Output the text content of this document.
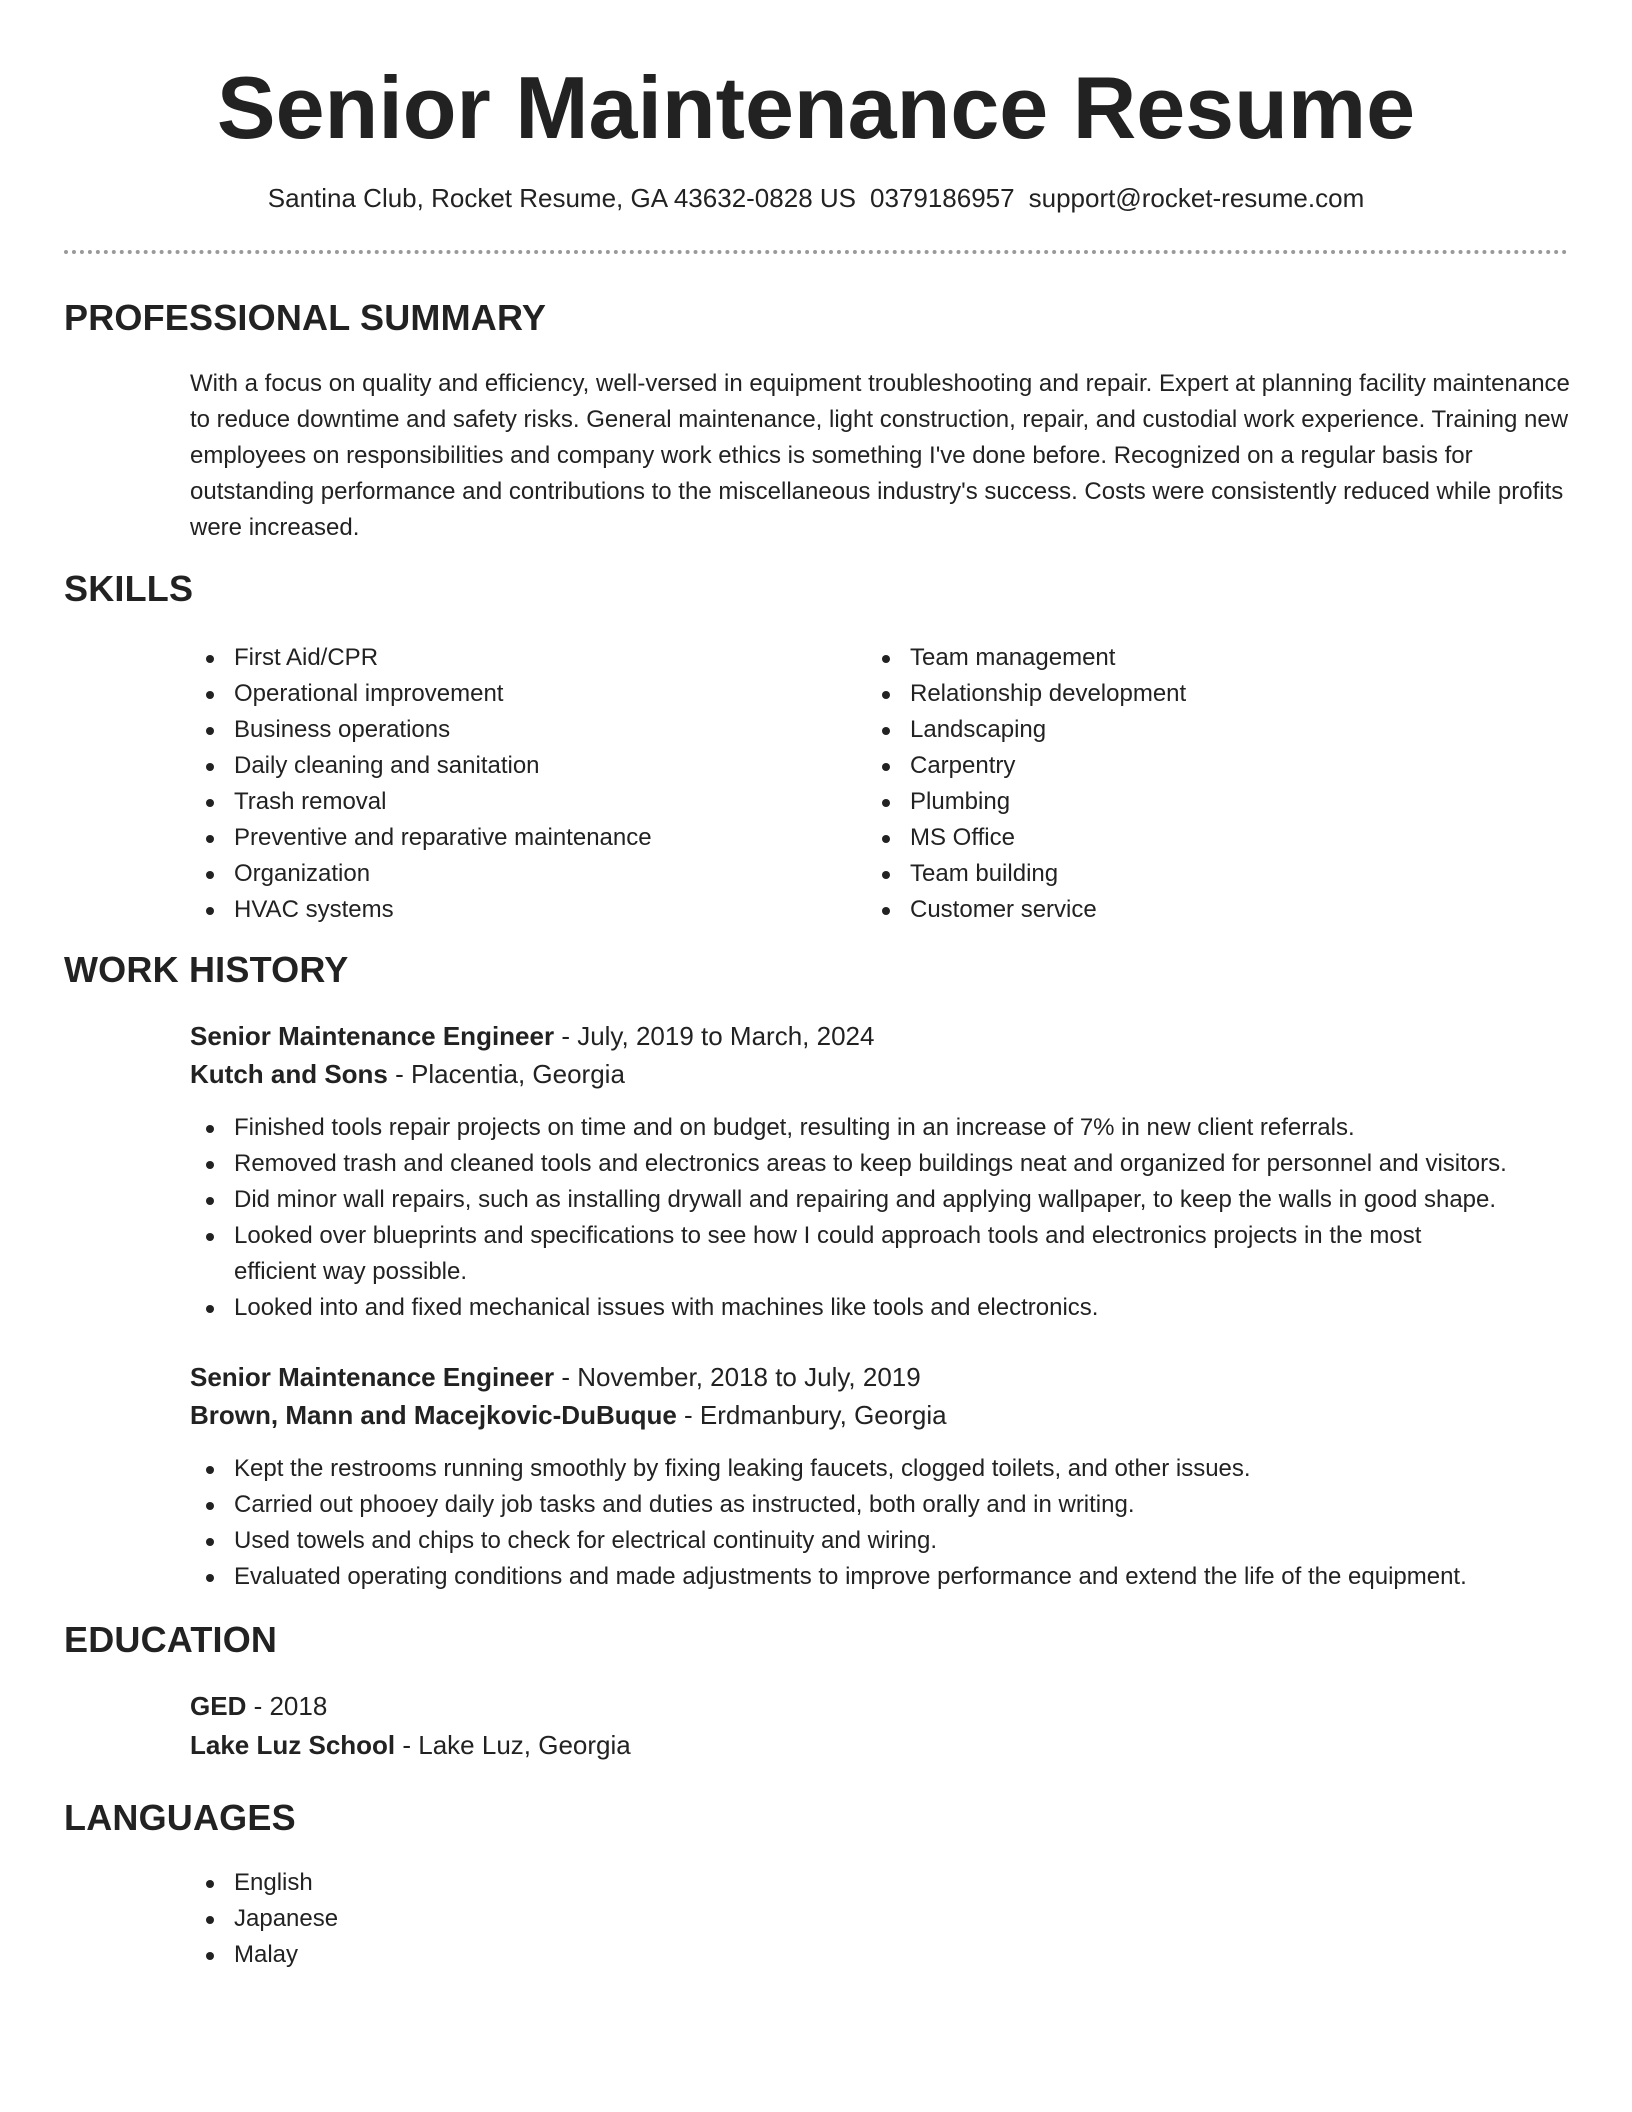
Senior Maintenance Resume
Santina Club, Rocket Resume, GA 43632-0828 US 0379186957 support@rocket-resume.com
PROFESSIONAL SUMMARY

With a focus on quality and efficiency, well-versed in equipment troubleshooting and repair. Expert at planning facility maintenance to reduce downtime and safety risks. General maintenance, light construction, repair, and custodial work experience. Training new employees on responsibilities and company work ethics is something I've done before. Recognized on a regular basis for outstanding performance and contributions to the miscellaneous industry's success. Costs were consistently reduced while profits were increased.

SKILLS
First Aid/CPR
Operational improvement
Business operations
Daily cleaning and sanitation
Trash removal
Preventive and reparative maintenance
Organization
HVAC systems
Team management
Relationship development
Landscaping
Carpentry
Plumbing
MS Office
Team building
Customer service
WORK HISTORY
Senior Maintenance Engineer - July, 2019 to March, 2024
Kutch and Sons - Placentia, Georgia
Finished tools repair projects on time and on budget, resulting in an increase of 7% in new client referrals.
Removed trash and cleaned tools and electronics areas to keep buildings neat and organized for personnel and visitors.
Did minor wall repairs, such as installing drywall and repairing and applying wallpaper, to keep the walls in good shape.
Looked over blueprints and specifications to see how I could approach tools and electronics projects in the most efficient way possible.
Looked into and fixed mechanical issues with machines like tools and electronics.
Senior Maintenance Engineer - November, 2018 to July, 2019
Brown, Mann and Macejkovic-DuBuque - Erdmanbury, Georgia
Kept the restrooms running smoothly by fixing leaking faucets, clogged toilets, and other issues.
Carried out phooey daily job tasks and duties as instructed, both orally and in writing.
Used towels and chips to check for electrical continuity and wiring.
Evaluated operating conditions and made adjustments to improve performance and extend the life of the equipment.
EDUCATION
GED - 2018
Lake Luz School - Lake Luz, Georgia
LANGUAGES
English
Japanese
Malay
